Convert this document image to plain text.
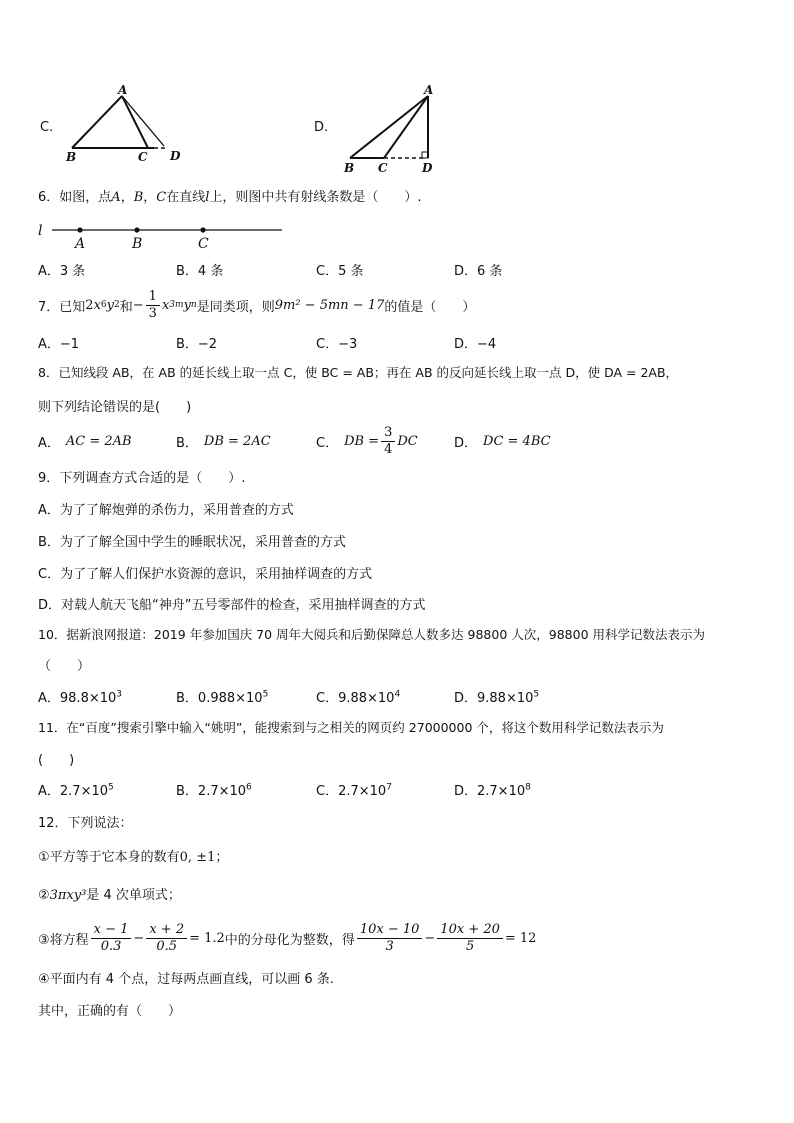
C.
A
B	C D
D.
A
B C	D
6．如图，点A，B，C在直线l上，则图中共有射线条数是（　　）.
l
A	B	C
A．3 条	B．4 条	C．5 条	D．6 条
7． 已知 2 x 6 y 2 和 − $\frac{1}{3}$ x 3m y n 是同类项，则 9m² − 5mn − 17 的值是（　　）
A．−1	B．−2	C．−3	D．−4
8．已知线段 AB，在 AB 的延长线上取一点 C，使 BC = AB；再在 AB 的反向延长线上取一点 D，使 DA = 2AB，
则下列结论错误的是(　　)
A． AC = 2AB	B． DB = 2AC	C． DB = $\frac{3}{4}$ DC	D． DC = 4BC
9．下列调查方式合适的是（　　）.
A．为了了解炮弹的杀伤力，采用普查的方式
B．为了了解全国中学生的睡眠状况，采用普查的方式
C．为了了解人们保护水资源的意识，采用抽样调查的方式
D．对载人航天飞船“神舟”五号零部件的检查，采用抽样调查的方式
10．据新浪网报道：2019 年参加国庆 70 周年大阅兵和后勤保障总人数多达 98800 人次，98800 用科学记数法表示为
（　　）
A．$98.8\times 10^3$	B．$0.988\times 10^5$	C．$9.88\times 10^4$	D．$9.88\times 10^5$
11．在“百度”搜索引擎中输入“姚明”，能搜索到与之相关的网页约 27000000 个，将这个数用科学记数法表示为
(　　)
A．$2.7\times 10^5$	B．$2.7\times 10^6$	C．$2.7\times 10^7$	D．$2.7\times 10^8$
12．下列说法：
①平方等于它本身的数有0, ±1；
②3πxy³是 4 次单项式；
③将方程 $\frac{x - 1}{0.3} - \frac{x + 2}{0.5} = 1.2$ 中的分母化为整数，得 $\frac{10x - 10}{3} - \frac{10x + 20}{5} = 12$
④平面内有 4 个点，过每两点画直线，可以画 6 条.
其中，正确的有（　　）
